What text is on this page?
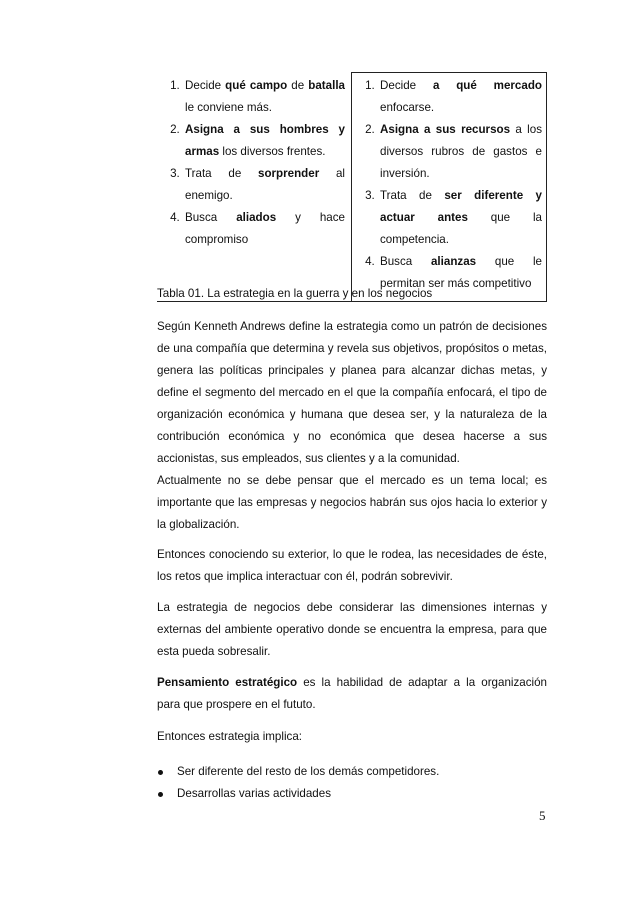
1. Decide qué campo de batalla le conviene más.
2. Asigna a sus hombres y armas los diversos frentes.
3. Trata de sorprender al enemigo.
4. Busca aliados y hace compromiso

1. Decide a qué mercado enfocarse.
2. Asigna a sus recursos a los diversos rubros de gastos e inversión.
3. Trata de ser diferente y actuar antes que la competencia.
4. Busca alianzas que le permitan ser más competitivo
Tabla 01. La estrategia en la guerra y en los negocios

Según Kenneth Andrews define la estrategia como un patrón de decisiones de una compañía que determina y revela sus objetivos, propósitos o metas, genera las políticas principales y planea para alcanzar dichas metas, y define el segmento del mercado en el que la compañía enfocará, el tipo de organización económica y humana que desea ser, y la naturaleza de la contribución económica y no económica que desea hacerse a sus accionistas, sus empleados, sus clientes y a la comunidad.

Actualmente no se debe pensar que el mercado es un tema local; es importante que las empresas y negocios habrán sus ojos hacia lo exterior y la globalización.

Entonces conociendo su exterior, lo que le rodea, las necesidades de éste, los retos que implica interactuar con él, podrán sobrevivir.

La estrategia de negocios debe considerar las dimensiones internas y externas del ambiente operativo donde se encuentra la empresa, para que esta pueda sobresalir.

Pensamiento estratégico es la habilidad de adaptar a la organización para que prospere en el fututo.

Entonces estrategia implica:

Ser diferente del resto de los demás competidores.
Desarrollas varias actividades
5
